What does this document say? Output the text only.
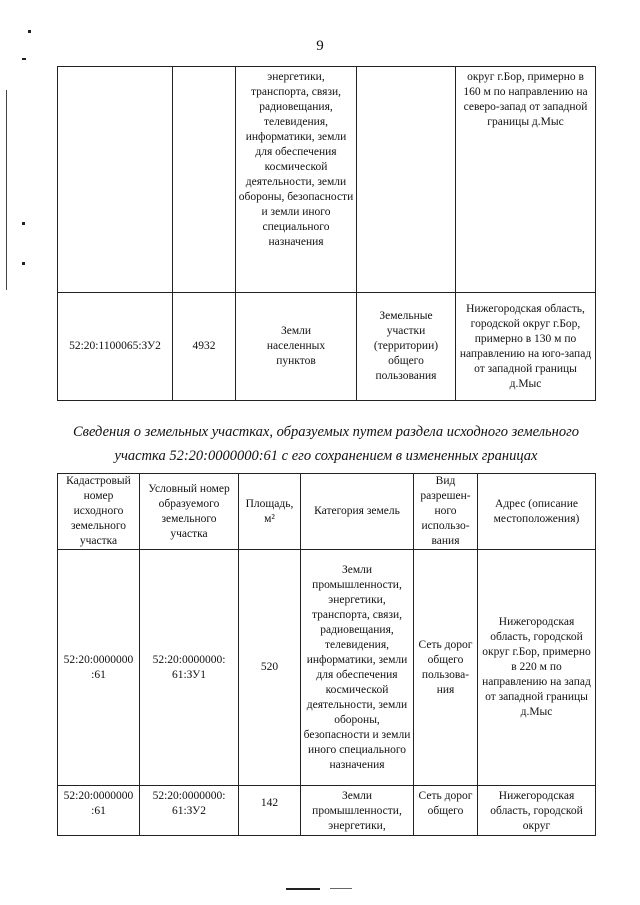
9
		энергетики, транспорта, связи, радиовещания, телевидения, информатики, земли для обеспечения космической деятельности, земли обороны, безопасности и земли иного специального назначения		округ г.Бор, примерно в 160 м по направлению на северо-запад от западной границы д.Мыс
52:20:1100065:ЗУ2	4932	Земли населенных пунктов	Земельные участки (территории) общего пользования	Нижегородская область, городской округ г.Бор, примерно в 130 м по направлению на юго-запад от западной границы д.Мыс
Сведения о земельных участках, образуемых путем раздела исходного земельного
участка 52:20:0000000:61 с его сохранением в измененных границах
Кадастровый номер исходного земельного участка	Условный номер образуемого земельного участка	Площадь, м²	Категория земель	Вид разрешен-ного использо-вания	Адрес (описание местоположения)
52:20:0000000 :61	52:20:0000000: 61:ЗУ1	520	Земли промышленности, энергетики, транспорта, связи, радиовещания, телевидения, информатики, земли для обеспечения космической деятельности, земли обороны, безопасности и земли иного специального назначения	Сеть дорог общего пользова-ния	Нижегородская область, городской округ г.Бор, примерно в 220 м по направлению на запад от западной границы д.Мыс
52:20:0000000 :61	52:20:0000000: 61:ЗУ2	142	Земли промышленности, энергетики,	Сеть дорог общего	Нижегородская область, городской округ
